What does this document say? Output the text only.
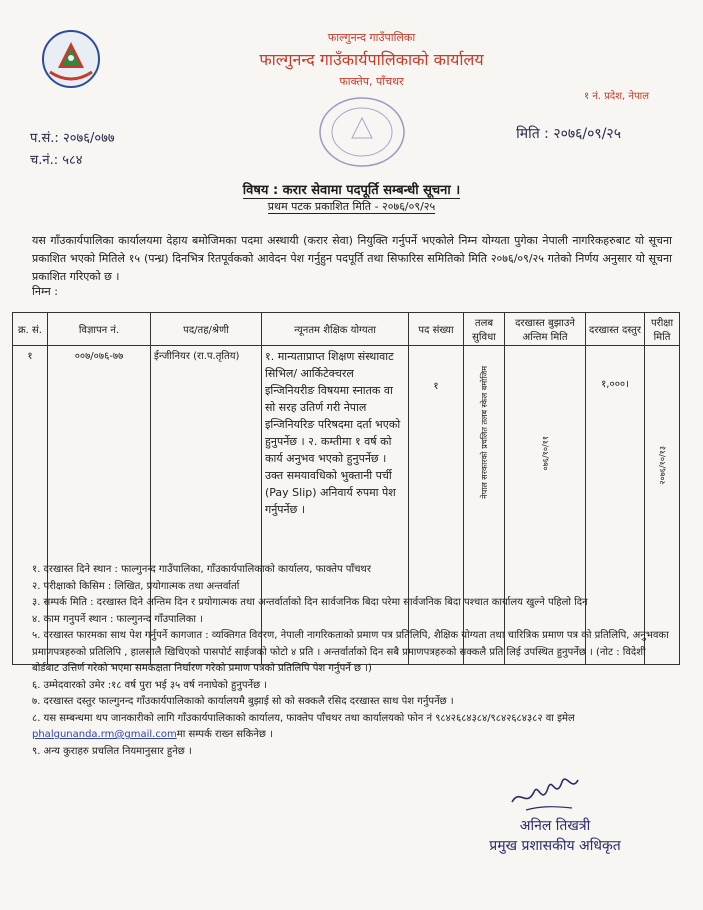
फाल्गुनन्द गाउँपालिका
फाल्गुनन्द गाउँकार्यपालिकाको कार्यालय
फाक्तेप, पाँचथर
१ नं. प्रदेश, नेपाल
प.सं.: २०७६/०७७
च.नं.: ५८४
मिति : २०७६/०९/२५
विषय : करार सेवामा पदपूर्ति सम्बन्धी सूचना ।
प्रथम पटक प्रकाशित मिति - २०७६/०९/२५
यस गाँउकार्यपालिका कार्यालयमा देहाय बमोजिमका पदमा अस्थायी (करार सेवा) नियुक्ति गर्नुपर्ने भएकोले निम्न योग्यता पुगेका नेपाली नागरिकहरुबाट यो सूचना प्रकाशित भएको मितिले १५ (पन्ध्र) दिनभित्र रितपूर्वकको आवेदन पेश गर्नुहुन पदपूर्ति तथा सिफारिस समितिको मिति २०७६/०९/२५ गतेको निर्णय अनुसार यो सूचना प्रकाशित गरिएको छ ।
निम्न :
क्र. सं.	विज्ञापन नं.	पद/तह/श्रेणी	न्यूनतम शैक्षिक योग्यता	पद संख्या	तलब सुविधा	दरखास्त बुझाउने अन्तिम मिति	दरखास्त दस्तुर	परीक्षा मिति
१	००७/०७६-७७	ईन्जीनियर (रा.प.तृतिय)	१. मान्यताप्राप्त शिक्षण संस्थावाट सिभिल/ आर्किटेक्चरल इन्जिनियरीङ विषयमा स्नातक वा सो सरह उतिर्ण गरी नेपाल इन्जिनियरिङ परिषदमा दर्ता भएको हुनुपर्नेछ । २. कम्तीमा १ वर्ष को कार्य अनुभव भएको हुनुपर्नेछ । उक्त समयावधिको भुक्तानी पर्ची (Pay Slip) अनिवार्य रुपमा पेश गर्नुपर्नेछ ।	१	नेपाल सरकारको प्रचलित तलब स्केल बमोजिम	०७६/१०/११	१,०००।	२०७६/१०/१३
१. दरखास्त दिने स्थान : फाल्गुनन्द गाउँपालिका, गाँउकार्यपालिकाको कार्यालय, फाक्तेप पाँचथर
२. परीक्षाको किसिम : लिखित, प्रयोगात्मक तथा अन्तर्वार्ता
३. सम्पर्क मिति : दरखास्त दिने अन्तिम दिन र प्रयोगात्मक तथा अन्तर्वार्ताको दिन सार्वजनिक बिदा परेमा सार्वजनिक बिदा पश्चात कार्यालय खुल्ने पहिलो दिन
४. काम गनुपर्ने स्थान : फाल्गुनन्द गाँउपालिका ।
५. दरखास्त फारमका साथ पेश गर्नुपर्ने कागजात : व्यक्तिगत विवरण, नेपाली नागरिकताको प्रमाण पत्र प्रतिलिपि, शैक्षिक योग्यता तथा चारित्रिक प्रमाण पत्र को प्रतिलिपि, अनुभवका प्रमाणपत्रहरुको प्रतिलिपि , हालसालै खिचिएको पासपोर्ट साईजको फोटो ४ प्रति । अन्तर्वार्ताको दिन सबै प्रमाणपत्रहरुको सक्कलै प्रति लिई उपस्थित हुनुपर्नेछ । (नोट : विदेशी बोर्डबाट उत्तिर्ण गरेको भएमा समकक्षता निर्धारण गरेको प्रमाण पत्रको प्रतिलिपि पेश गर्नुपर्ने छ ।)
६. उम्मेदवारको उमेर :१८ वर्ष पुरा भई ३५ वर्ष ननाघेको हुनुपर्नेछ ।
७. दरखास्त दस्तुर फाल्गुनन्द गाँउकार्यपालिकाको कार्यालयमै बुझाई सो को सक्कलै रसिद दरखास्त साथ पेश गर्नुपर्नेछ ।
८. यस सम्बन्धमा थप जानकारीको लागि गाँउकार्यपालिकाको कार्यालय, फाक्तेप पाँचथर तथा कार्यालयको फोन नं ९८४२६८४३८४/९८४२६८४३८२ वा इमेल phalgunanda.rm@gmail.comमा सम्पर्क राख्न सकिनेछ ।
९. अन्य कुराहरु प्रचलित नियमानुसार हुनेछ ।
अनिल तिखत्री
प्रमुख प्रशासकीय अधिकृत
